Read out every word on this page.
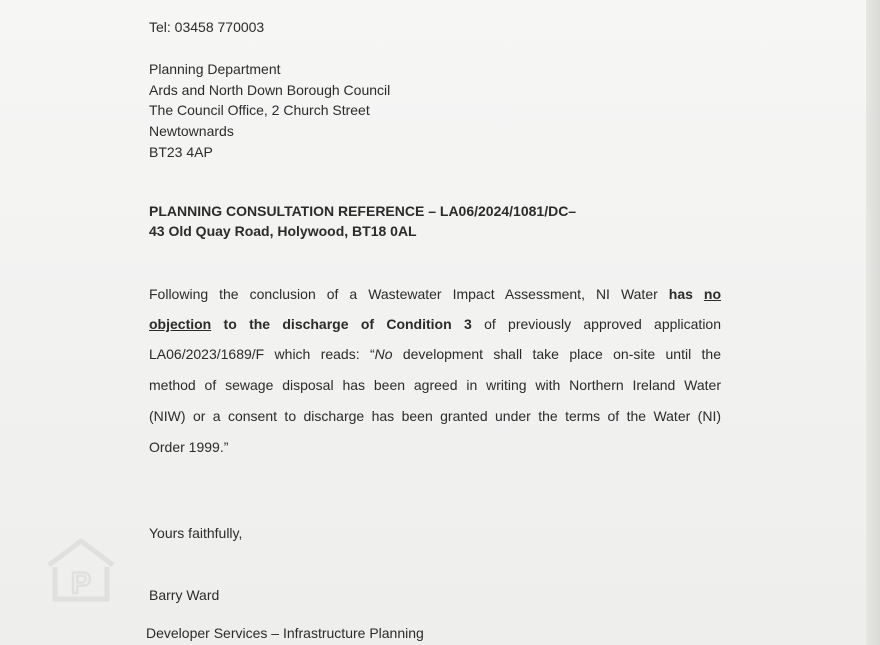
Tel: 03458 770003
Planning Department
Ards and North Down Borough Council
The Council Office, 2 Church Street
Newtownards
BT23 4AP
PLANNING CONSULTATION REFERENCE – LA06/2024/1081/DC–
43 Old Quay Road, Holywood, BT18 0AL
Following the conclusion of a Wastewater Impact Assessment, NI Water has no
objection to the discharge of Condition 3 of previously approved application
LA06/2023/1689/F which reads: “No development shall take place on-site until the
method of sewage disposal has been agreed in writing with Northern Ireland Water
(NIW) or a consent to discharge has been granted under the terms of the Water (NI)
Order 1999.”
Yours faithfully,
Barry Ward
Developer Services – Infrastructure Planning
P
